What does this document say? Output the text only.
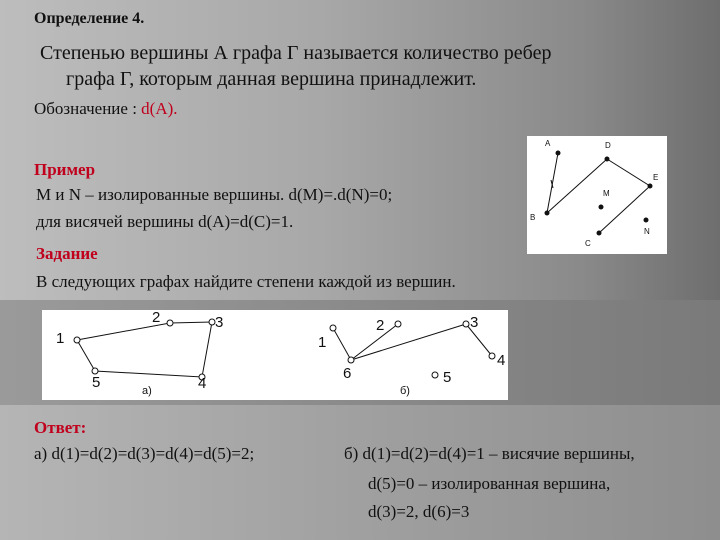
Определение 4.
Степенью вершины А графа Г называется количество ребер
графа Г, которым данная вершина принадлежит.
Обозначение : d(A).
Пример
M и N – изолированные вершины. d(M)=.d(N)=0;
для висячей вершины d(A)=d(C)=1.
Задание
В следующих графах найдите степени каждой из вершин.
A	D
E
M
B
C
N
1
2	3
4
5	а)
1
2	3
4
5
6
б)
Ответ:
а) d(1)=d(2)=d(3)=d(4)=d(5)=2;	б) d(1)=d(2)=d(4)=1 – висячие вершины,
d(5)=0 – изолированная вершина,
d(3)=2, d(6)=3
